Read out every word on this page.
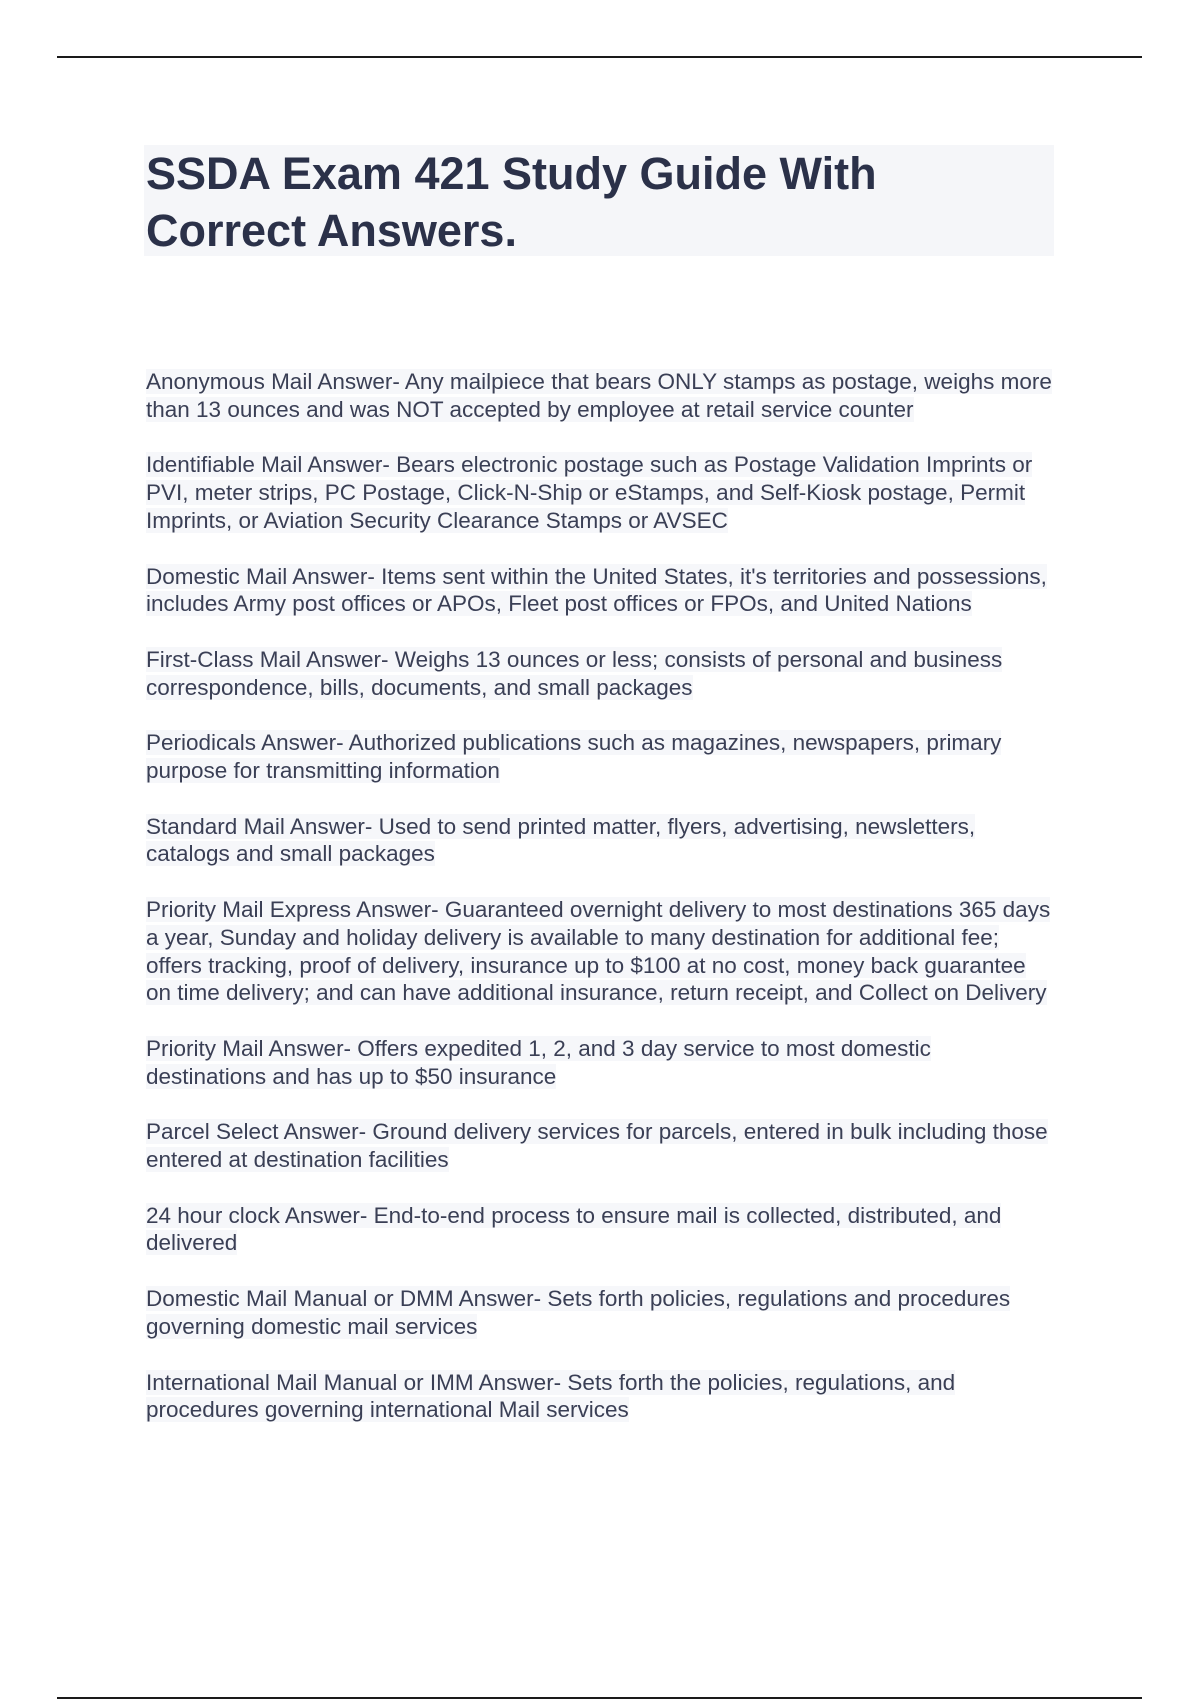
SSDA Exam 421 Study Guide With Correct Answers.

Anonymous Mail Answer- Any mailpiece that bears ONLY stamps as postage, weighs more than 13 ounces and was NOT accepted by employee at retail service counter

Identifiable Mail Answer- Bears electronic postage such as Postage Validation Imprints or PVI, meter strips, PC Postage, Click-N-Ship or eStamps, and Self-Kiosk postage, Permit Imprints, or Aviation Security Clearance Stamps or AVSEC

Domestic Mail Answer- Items sent within the United States, it's territories and possessions, includes Army post offices or APOs, Fleet post offices or FPOs, and United Nations

First-Class Mail Answer- Weighs 13 ounces or less; consists of personal and business correspondence, bills, documents, and small packages

Periodicals Answer- Authorized publications such as magazines, newspapers, primary purpose for transmitting information

Standard Mail Answer- Used to send printed matter, flyers, advertising, newsletters, catalogs and small packages

Priority Mail Express Answer- Guaranteed overnight delivery to most destinations 365 days a year, Sunday and holiday delivery is available to many destination for additional fee; offers tracking, proof of delivery, insurance up to $100 at no cost, money back guarantee on time delivery; and can have additional insurance, return receipt, and Collect on Delivery

Priority Mail Answer- Offers expedited 1, 2, and 3 day service to most domestic destinations and has up to $50 insurance

Parcel Select Answer- Ground delivery services for parcels, entered in bulk including those entered at destination facilities

24 hour clock Answer- End-to-end process to ensure mail is collected, distributed, and delivered

Domestic Mail Manual or DMM Answer- Sets forth policies, regulations and procedures governing domestic mail services

International Mail Manual or IMM Answer- Sets forth the policies, regulations, and procedures governing international Mail services
